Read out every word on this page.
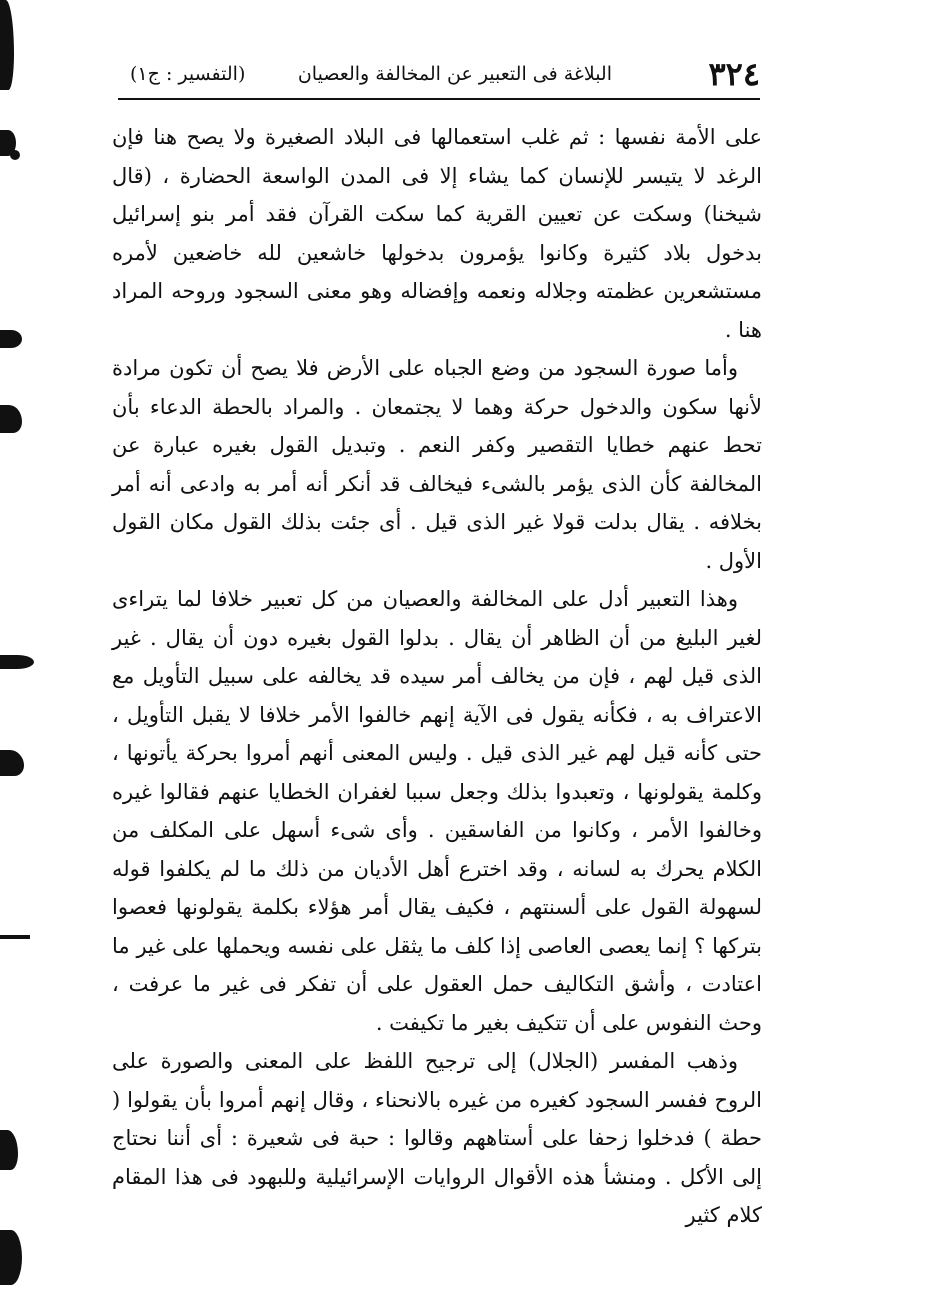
٣٢٤
البلاغة فى التعبير عن المخالفة والعصيان
(التفسير : ج١)

على الأمة نفسها : ثم غلب استعمالها فى البلاد الصغيرة ولا يصح هنا فإن الرغد لا يتيسر للإنسان كما يشاء إلا فى المدن الواسعة الحضارة ، (قال شيخنا) وسكت عن تعيين القرية كما سكت القرآن فقد أمر بنو إسرائيل بدخول بلاد كثيرة وكانوا يؤمرون بدخولها خاشعين لله خاضعين لأمره مستشعرين عظمته وجلاله ونعمه وإفضاله وهو معنى السجود وروحه المراد هنا .

وأما صورة السجود من وضع الجباه على الأرض فلا يصح أن تكون مرادة لأنها سكون والدخول حركة وهما لا يجتمعان . والمراد بالحطة الدعاء بأن تحط عنهم خطايا التقصير وكفر النعم . وتبديل القول بغيره عبارة عن المخالفة كأن الذى يؤمر بالشىء فيخالف قد أنكر أنه أمر به وادعى أنه أمر بخلافه . يقال بدلت قولا غير الذى قيل . أى جئت بذلك القول مكان القول الأول .

وهذا التعبير أدل على المخالفة والعصيان من كل تعبير خلافا لما يتراءى لغير البليغ من أن الظاهر أن يقال . بدلوا القول بغيره دون أن يقال . غير الذى قيل لهم ، فإن من يخالف أمر سيده قد يخالفه على سبيل التأويل مع الاعتراف به ، فكأنه يقول فى الآية إنهم خالفوا الأمر خلافا لا يقبل التأويل ، حتى كأنه قيل لهم غير الذى قيل . وليس المعنى أنهم أمروا بحركة يأتونها ، وكلمة يقولونها ، وتعبدوا بذلك وجعل سببا لغفران الخطايا عنهم فقالوا غيره وخالفوا الأمر ، وكانوا من الفاسقين . وأى شىء أسهل على المكلف من الكلام يحرك به لسانه ، وقد اخترع أهل الأديان من ذلك ما لم يكلفوا قوله لسهولة القول على ألسنتهم ، فكيف يقال أمر هؤلاء بكلمة يقولونها فعصوا بتركها ؟ إنما يعصى العاصى إذا كلف ما يثقل على نفسه ويحملها على غير ما اعتادت ، وأشق التكاليف حمل العقول على أن تفكر فى غير ما عرفت ، وحث النفوس على أن تتكيف بغير ما تكيفت .

وذهب المفسر (الجلال) إلى ترجيح اللفظ على المعنى والصورة على الروح ففسر السجود كغيره من غيره بالانحناء ، وقال إنهم أمروا بأن يقولوا ( حطة ) فدخلوا زحفا على أستاههم وقالوا : حبة فى شعيرة : أى أننا نحتاج إلى الأكل . ومنشأ هذه الأقوال الروايات الإسرائيلية وللبهود فى هذا المقام كلام كثير
